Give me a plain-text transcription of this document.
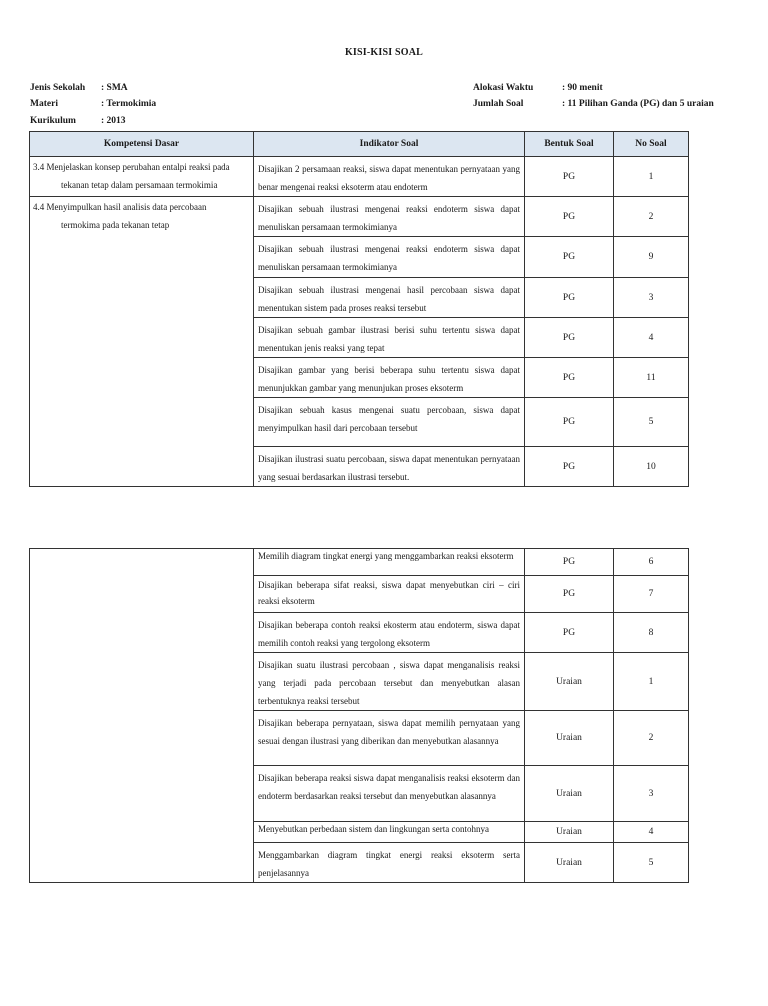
KISI-KISI SOAL
Jenis Sekolah : SMA
Materi	: Termokimia
Kurikulum	: 2013
Alokasi Waktu	: 90 menit
Jumlah Soal	: 11 Pilihan Ganda (PG) dan 5 uraian
Kompetensi Dasar	Indikator Soal	Bentuk Soal	No Soal
3.4 Menjelaskan konsep perubahan entalpi reaksi pada
tekanan tetap dalam persamaan termokimia	Disajikan 2 persamaan reaksi, siswa dapat menentukan pernyataan yang benar mengenai reaksi eksoterm atau endoterm	PG	1
4.4 Menyimpulkan hasil analisis data percobaan
termokima pada tekanan tetap	Disajikan sebuah ilustrasi mengenai reaksi endoterm siswa dapat menuliskan persamaan termokimianya	PG	2
	Disajikan sebuah ilustrasi mengenai reaksi endoterm siswa dapat menuliskan persamaan termokimianya	PG	9
	Disajikan sebuah ilustrasi mengenai hasil percobaan siswa dapat menentukan sistem pada proses reaksi tersebut	PG	3
	Disajikan sebuah gambar ilustrasi berisi suhu tertentu siswa dapat menentukan jenis reaksi yang tepat	PG	4
	Disajikan gambar yang berisi beberapa suhu tertentu siswa dapat menunjukkan gambar yang menunjukan proses eksoterm	PG	11
	Disajikan sebuah kasus mengenai suatu percobaan, siswa dapat menyimpulkan hasil dari percobaan tersebut	PG	5
	Disajikan ilustrasi suatu percobaan, siswa dapat menentukan pernyataan yang sesuai berdasarkan ilustrasi tersebut.	PG	10
	Memilih diagram tingkat energi yang menggambarkan reaksi eksoterm	PG	6
	Disajikan beberapa sifat reaksi, siswa dapat menyebutkan ciri – ciri reaksi eksoterm	PG	7
	Disajikan beberapa contoh reaksi ekosterm atau endoterm, siswa dapat memilih contoh reaksi yang tergolong eksoterm	PG	8
	Disajikan suatu ilustrasi percobaan , siswa dapat menganalisis reaksi yang terjadi pada percobaan tersebut dan menyebutkan alasan terbentuknya reaksi tersebut	Uraian	1
	Disajikan beberapa pernyataan, siswa dapat memilih pernyataan yang sesuai dengan ilustrasi yang diberikan dan menyebutkan alasannya	Uraian	2
	Disajikan beberapa reaksi siswa dapat menganalisis reaksi eksoterm dan endoterm berdasarkan reaksi tersebut dan menyebutkan alasannya	Uraian	3
	Menyebutkan perbedaan sistem dan lingkungan serta contohnya	Uraian	4
	Menggambarkan diagram tingkat energi reaksi eksoterm serta penjelasannya	Uraian	5
